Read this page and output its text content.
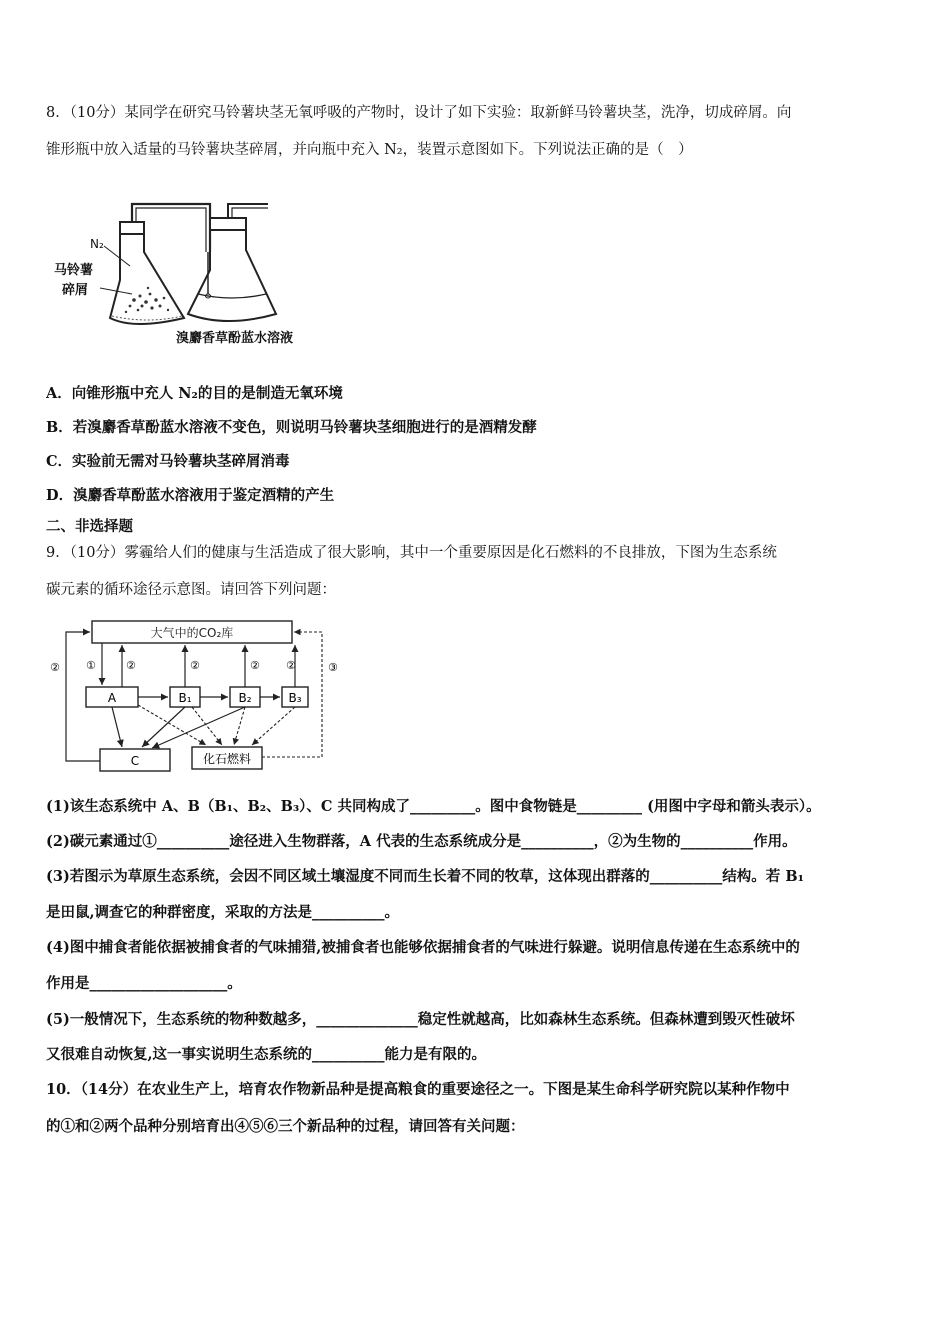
8．（10分）某同学在研究马铃薯块茎无氧呼吸的产物时，设计了如下实验：取新鲜马铃薯块茎，洗净，切成碎屑。向
锥形瓶中放入适量的马铃薯块茎碎屑，并向瓶中充入 N₂，装置示意图如下。下列说法正确的是（　）
N₂
马铃薯
碎屑
溴麝香草酚蓝水溶液
A．向锥形瓶中充人 N₂的目的是制造无氧环境
B．若溴麝香草酚蓝水溶液不变色，则说明马铃薯块茎细胞进行的是酒精发酵
C．实验前无需对马铃薯块茎碎屑消毒
D．溴麝香草酚蓝水溶液用于鉴定酒精的产生
二、非选择题
9．（10分）雾霾给人们的健康与生活造成了很大影响，其中一个重要原因是化石燃料的不良排放，下图为生态系统
碳元素的循环途径示意图。请回答下列问题：
大气中的CO₂库
A	B₁	B₂	B₃
C	化石燃料
①	②	②	② ②
②	③
(1)该生态系统中 A、B（B₁、B₂、B₃）、C 共同构成了_________。图中食物链是_________ (用图中字母和箭头表示）。
(2)碳元素通过①__________途径进入生物群落，A 代表的生态系统成分是__________，②为生物的__________作用。
(3)若图示为草原生态系统，会因不同区域土壤湿度不同而生长着不同的牧草，这体现出群落的__________结构。若 B₁
是田鼠,调查它的种群密度，采取的方法是__________。
(4)图中捕食者能依据被捕食者的气味捕猎,被捕食者也能够依据捕食者的气味进行躲避。说明信息传递在生态系统中的
作用是___________________。
(5)一般情况下，生态系统的物种数越多，______________稳定性就越高，比如森林生态系统。但森林遭到毁灭性破坏
又很难自动恢复,这一事实说明生态系统的__________能力是有限的。
10．（14分）在农业生产上，培育农作物新品种是提高粮食的重要途径之一。下图是某生命科学研究院以某种作物中
的①和②两个品种分别培育出④⑤⑥三个新品种的过程，请回答有关问题：
